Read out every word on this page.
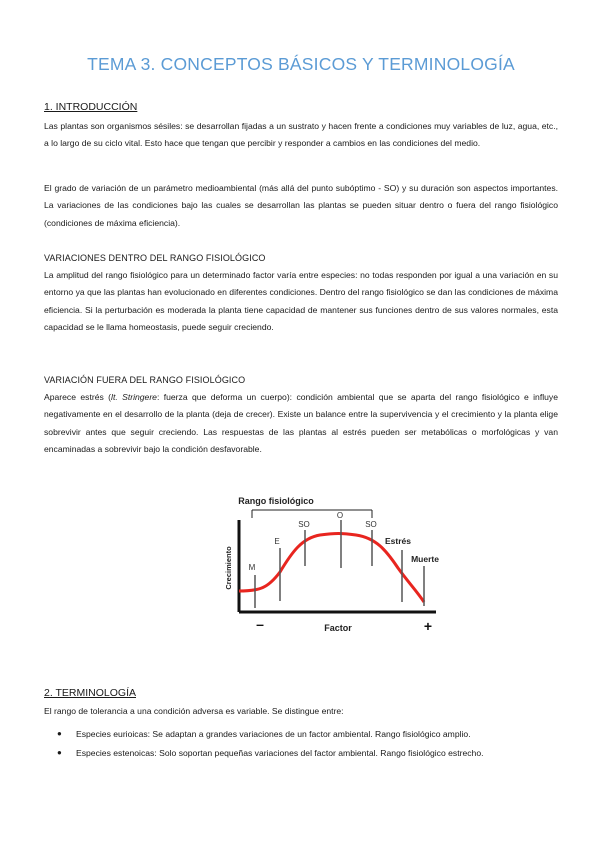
TEMA 3. CONCEPTOS BÁSICOS Y TERMINOLOGÍA
1. INTRODUCCIÓN

Las plantas son organismos sésiles: se desarrollan fijadas a un sustrato y hacen frente a condiciones muy variables de luz, agua, etc., a lo largo de su ciclo vital. Esto hace que tengan que percibir y responder a cambios en las condiciones del medio.

El grado de variación de un parámetro medioambiental (más allá del punto subóptimo - SO) y su duración son aspectos importantes. La variaciones de las condiciones bajo las cuales se desarrollan las plantas se pueden situar dentro o fuera del rango fisiológico (condiciones de máxima eficiencia).

VARIACIONES DENTRO DEL RANGO FISIOLÓGICO

La amplitud del rango fisiológico para un determinado factor varía entre especies: no todas responden por igual a una variación en su entorno ya que las plantas han evolucionado en diferentes condiciones. Dentro del rango fisiológico se dan las condiciones de máxima eficiencia. Si la perturbación es moderada la planta tiene capacidad de mantener sus funciones dentro de sus valores normales, esta capacidad se le llama homeostasis, puede seguir creciendo.

VARIACIÓN FUERA DEL RANGO FISIOLÓGICO

Aparece estrés (lt. Stringere: fuerza que deforma un cuerpo): condición ambiental que se aparta del rango fisiológico e influye negativamente en el desarrollo de la planta (deja de crecer). Existe un balance entre la supervivencia y el crecimiento y la planta elige sobrevivir antes que seguir creciendo. Las respuestas de las plantas al estrés pueden ser metabólicas o morfológicas y van encaminadas a sobrevivir bajo la condición desfavorable.

Rango fisiológico
Crecimiento
Factor
–	+
M
E
SO
O
SO
Estrés
Muerte
2. TERMINOLOGÍA

El rango de tolerancia a una condición adversa es variable. Se distingue entre:

● Especies eurioicas: Se adaptan a grandes variaciones de un factor ambiental. Rango fisiológico amplio.
● Especies estenoicas: Solo soportan pequeñas variaciones del factor ambiental. Rango fisiológico estrecho.
